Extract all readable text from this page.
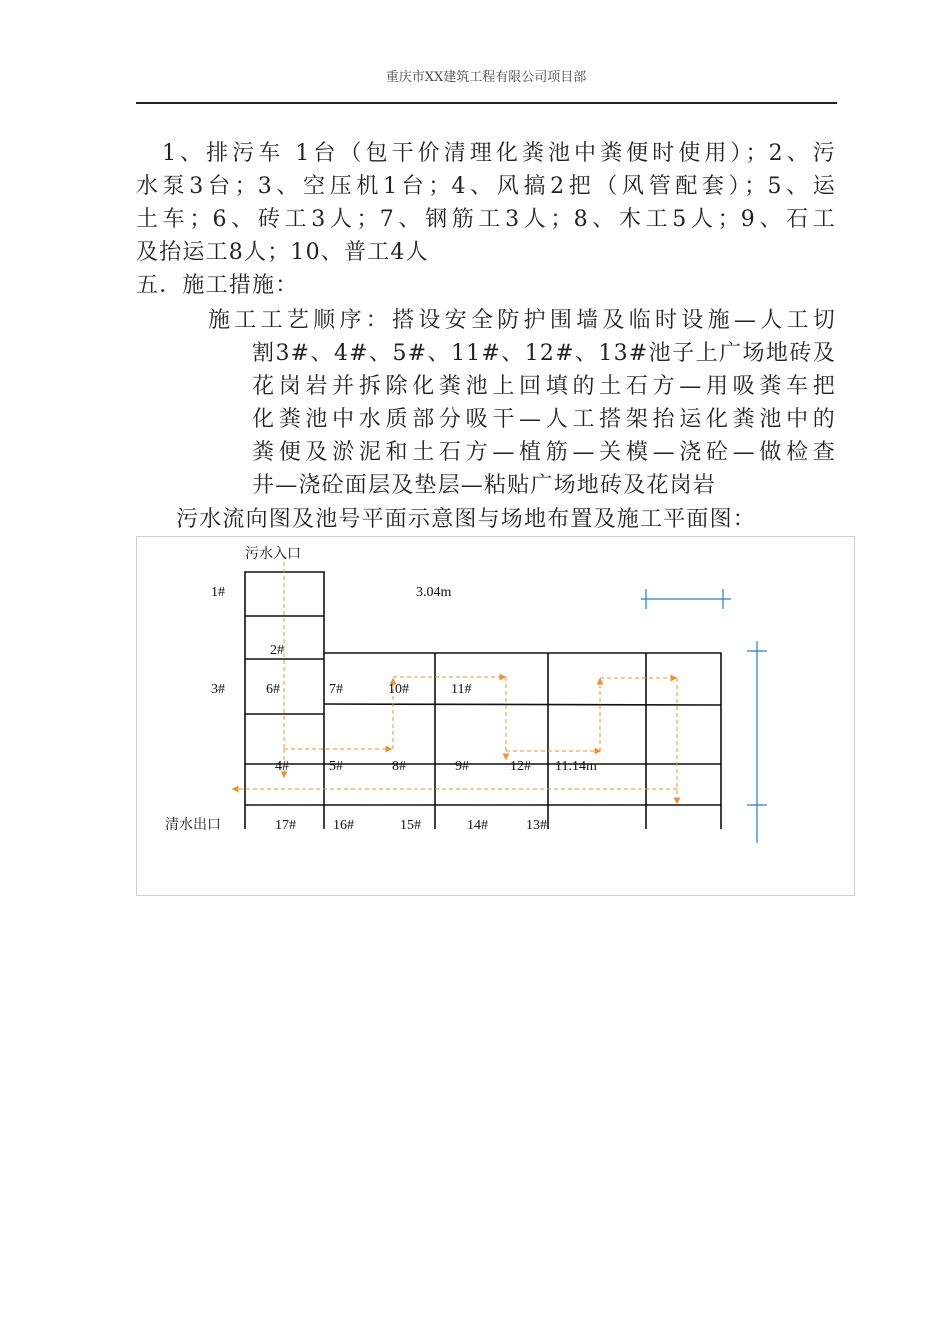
重庆市XX建筑工程有限公司项目部
1、排污车 1台（包干价清理化粪池中粪便时使用）；2、污
水泵3台；3、空压机1台；4、风搞2把（风管配套）；5、运
土车；6、砖工3人；7、钢筋工3人；8、木工5人；9、石工
及抬运工8人；10、普工4人
五．施工措施：
施工工艺顺序：搭设安全防护围墙及临时设施—人工切
割3#、4#、5#、11#、12#、13#池子上广场地砖及
花岗岩并拆除化粪池上回填的土石方—用吸粪车把
化粪池中水质部分吸干—人工搭架抬运化粪池中的
粪便及淤泥和土石方—植筋—关模—浇砼—做检查
井—浇砼面层及垫层—粘贴广场地砖及花岗岩
污水流向图及池号平面示意图与场地布置及施工平面图：
污水入口
清水出口
3.04m
11.14m
1#
2#
3#	6#	7#	10#	11#
4#	5#	8#	9#	12#
17#	16#	15#	14#	13#
